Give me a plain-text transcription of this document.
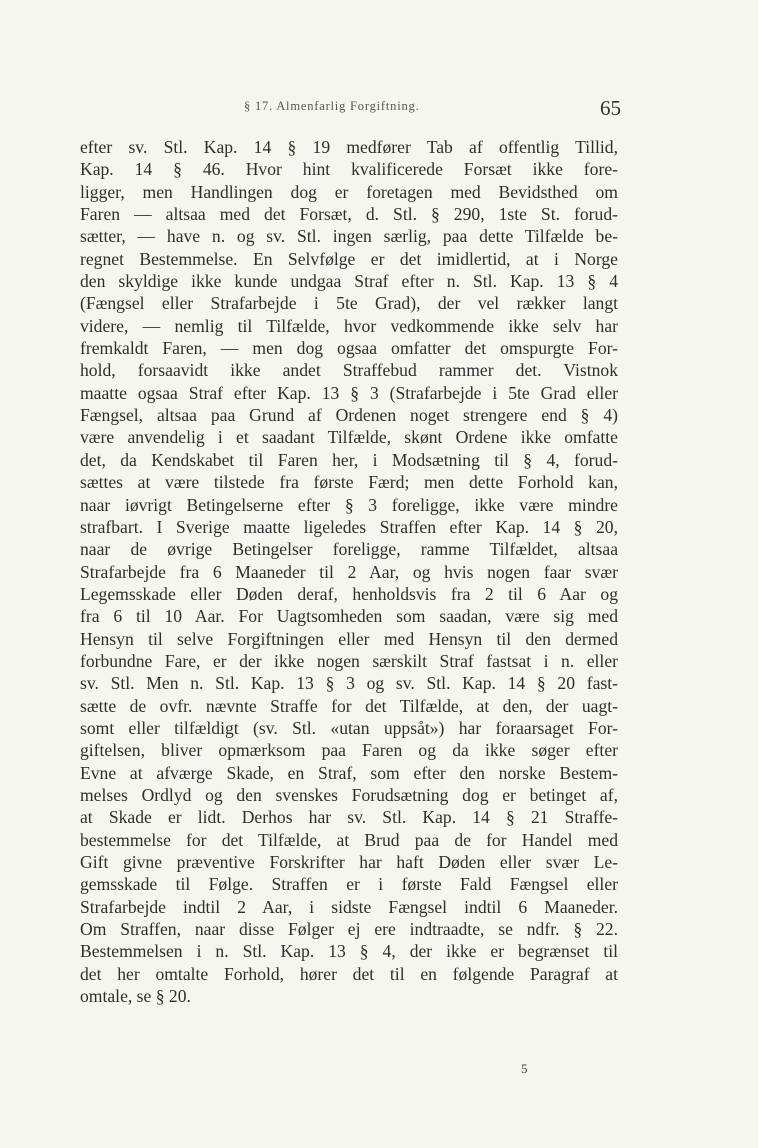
§ 17. Almenfarlig Forgiftning.	65
efter sv. Stl. Kap. 14 § 19 medfører Tab af offentlig Tillid,
Kap. 14 § 46. Hvor hint kvalificerede Forsæt ikke fore-
ligger, men Handlingen dog er foretagen med Bevidsthed om
Faren — altsaa med det Forsæt, d. Stl. § 290, 1ste St. forud-
sætter, — have n. og sv. Stl. ingen særlig, paa dette Tilfælde be-
regnet Bestemmelse. En Selvfølge er det imidlertid, at i Norge
den skyldige ikke kunde undgaa Straf efter n. Stl. Kap. 13 § 4
(Fængsel eller Strafarbejde i 5te Grad), der vel rækker langt
videre, — nemlig til Tilfælde, hvor vedkommende ikke selv har
fremkaldt Faren, — men dog ogsaa omfatter det omspurgte For-
hold, forsaavidt ikke andet Straffebud rammer det. Vistnok
maatte ogsaa Straf efter Kap. 13 § 3 (Strafarbejde i 5te Grad eller
Fængsel, altsaa paa Grund af Ordenen noget strengere end § 4)
være anvendelig i et saadant Tilfælde, skønt Ordene ikke omfatte
det, da Kendskabet til Faren her, i Modsætning til § 4, forud-
sættes at være tilstede fra første Færd; men dette Forhold kan,
naar iøvrigt Betingelserne efter § 3 foreligge, ikke være mindre
strafbart. I Sverige maatte ligeledes Straffen efter Kap. 14 § 20,
naar de øvrige Betingelser foreligge, ramme Tilfældet, altsaa
Strafarbejde fra 6 Maaneder til 2 Aar, og hvis nogen faar svær
Legemsskade eller Døden deraf, henholdsvis fra 2 til 6 Aar og
fra 6 til 10 Aar. For Uagtsomheden som saadan, være sig med
Hensyn til selve Forgiftningen eller med Hensyn til den dermed
forbundne Fare, er der ikke nogen særskilt Straf fastsat i n. eller
sv. Stl. Men n. Stl. Kap. 13 § 3 og sv. Stl. Kap. 14 § 20 fast-
sætte de ovfr. nævnte Straffe for det Tilfælde, at den, der uagt-
somt eller tilfældigt (sv. Stl. «utan uppsåt») har foraarsaget For-
giftelsen, bliver opmærksom paa Faren og da ikke søger efter
Evne at afværge Skade, en Straf, som efter den norske Bestem-
melses Ordlyd og den svenskes Forudsætning dog er betinget af,
at Skade er lidt. Derhos har sv. Stl. Kap. 14 § 21 Straffe-
bestemmelse for det Tilfælde, at Brud paa de for Handel med
Gift givne præventive Forskrifter har haft Døden eller svær Le-
gemsskade til Følge. Straffen er i første Fald Fængsel eller
Strafarbejde indtil 2 Aar, i sidste Fængsel indtil 6 Maaneder.
Om Straffen, naar disse Følger ej ere indtraadte, se ndfr. § 22.
Bestemmelsen i n. Stl. Kap. 13 § 4, der ikke er begrænset til
det her omtalte Forhold, hører det til en følgende Paragraf at
omtale, se § 20.
5
